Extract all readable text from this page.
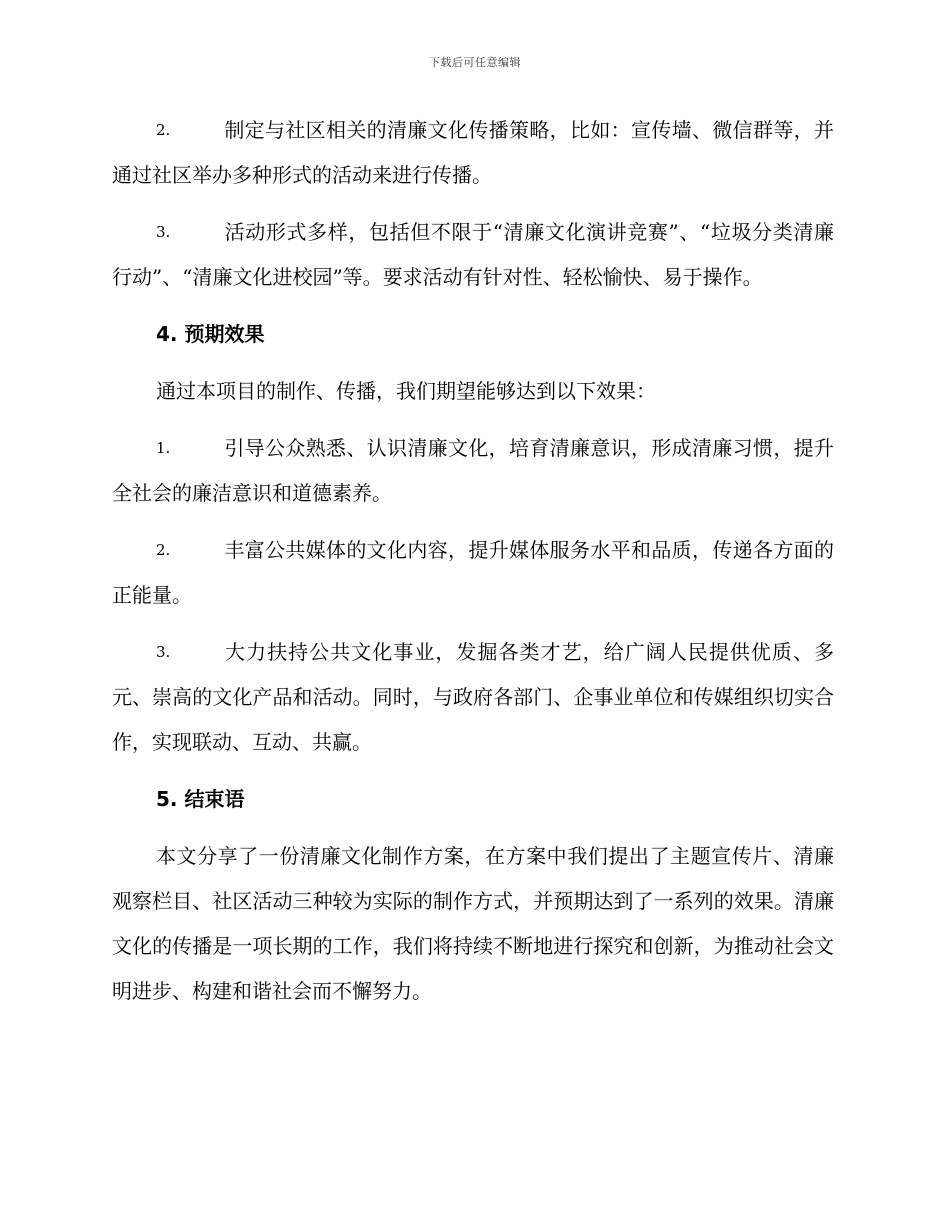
下载后可任意编辑

2.	制定与社区相关的清廉文化传播策略，比如：宣传墙、微信群等，并通过社区举办多种形式的活动来进行传播。

3.	活动形式多样，包括但不限于“清廉文化演讲竞赛”、“垃圾分类清廉行动”、“清廉文化进校园”等。要求活动有针对性、轻松愉快、易于操作。

4. 预期效果

通过本项目的制作、传播，我们期望能够达到以下效果：

1.	引导公众熟悉、认识清廉文化，培育清廉意识，形成清廉习惯，提升全社会的廉洁意识和道德素养。

2.	丰富公共媒体的文化内容，提升媒体服务水平和品质，传递各方面的正能量。

3.	大力扶持公共文化事业，发掘各类才艺，给广阔人民提供优质、多元、崇高的文化产品和活动。同时，与政府各部门、企事业单位和传媒组织切实合作，实现联动、互动、共赢。

5. 结束语

本文分享了一份清廉文化制作方案，在方案中我们提出了主题宣传片、清廉观察栏目、社区活动三种较为实际的制作方式，并预期达到了一系列的效果。清廉文化的传播是一项长期的工作，我们将持续不断地进行探究和创新，为推动社会文明进步、构建和谐社会而不懈努力。
